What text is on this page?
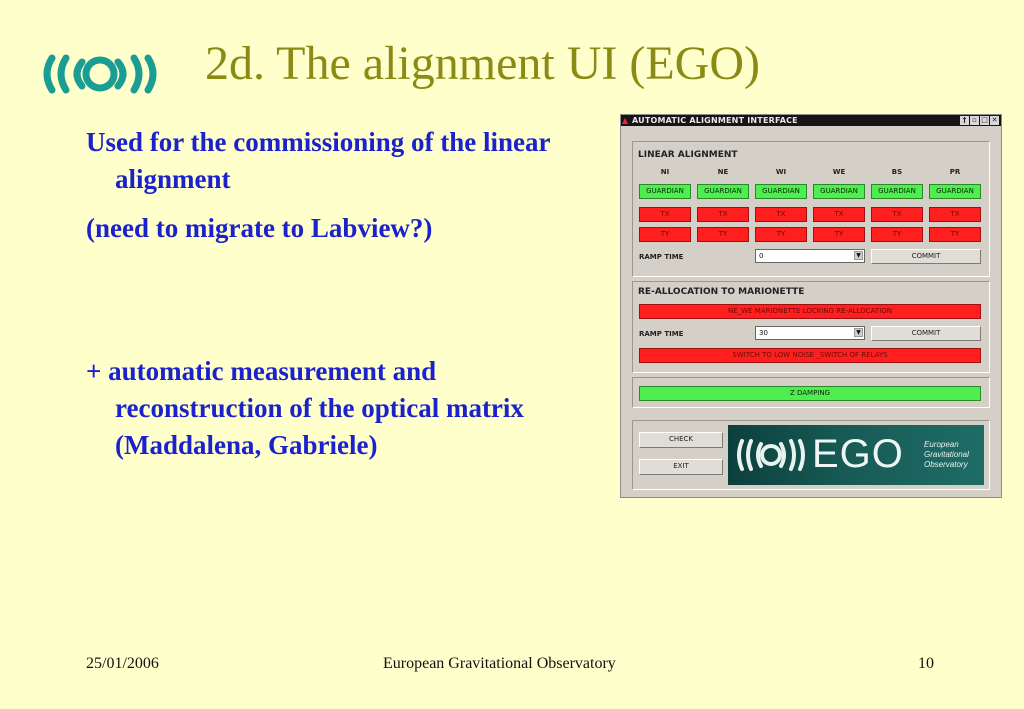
2d. The alignment UI (EGO)

Used for the commissioning of the linear alignment

(need to migrate to Labview?)

+ automatic measurement and reconstruction of the optical matrix (Maddalena, Gabriele)

▲ AUTOMATIC ALIGNMENT INTERFACE	† ▫ □ ✕
LINEAR ALIGNMENT
NI	NE	WI	WE	BS	PR
GUARDIAN	GUARDIAN	GUARDIAN	GUARDIAN	GUARDIAN	GUARDIAN
TX	TX	TX	TX	TX	TX
TY	TY	TY	TY	TY	TY
RAMP TIME	0	▼	COMMIT
RE-ALLOCATION TO MARIONETTE
NE_WE MARIONETTE LOCKING RE-ALLOCATION
RAMP TIME	30	▼	COMMIT
SWITCH TO LOW NOISE _SWITCH OF RELAYS
Z DAMPING
CHECK
EXIT	EGO	European
Gravitational
Observatory
25/01/2006	European Gravitational Observatory	10
